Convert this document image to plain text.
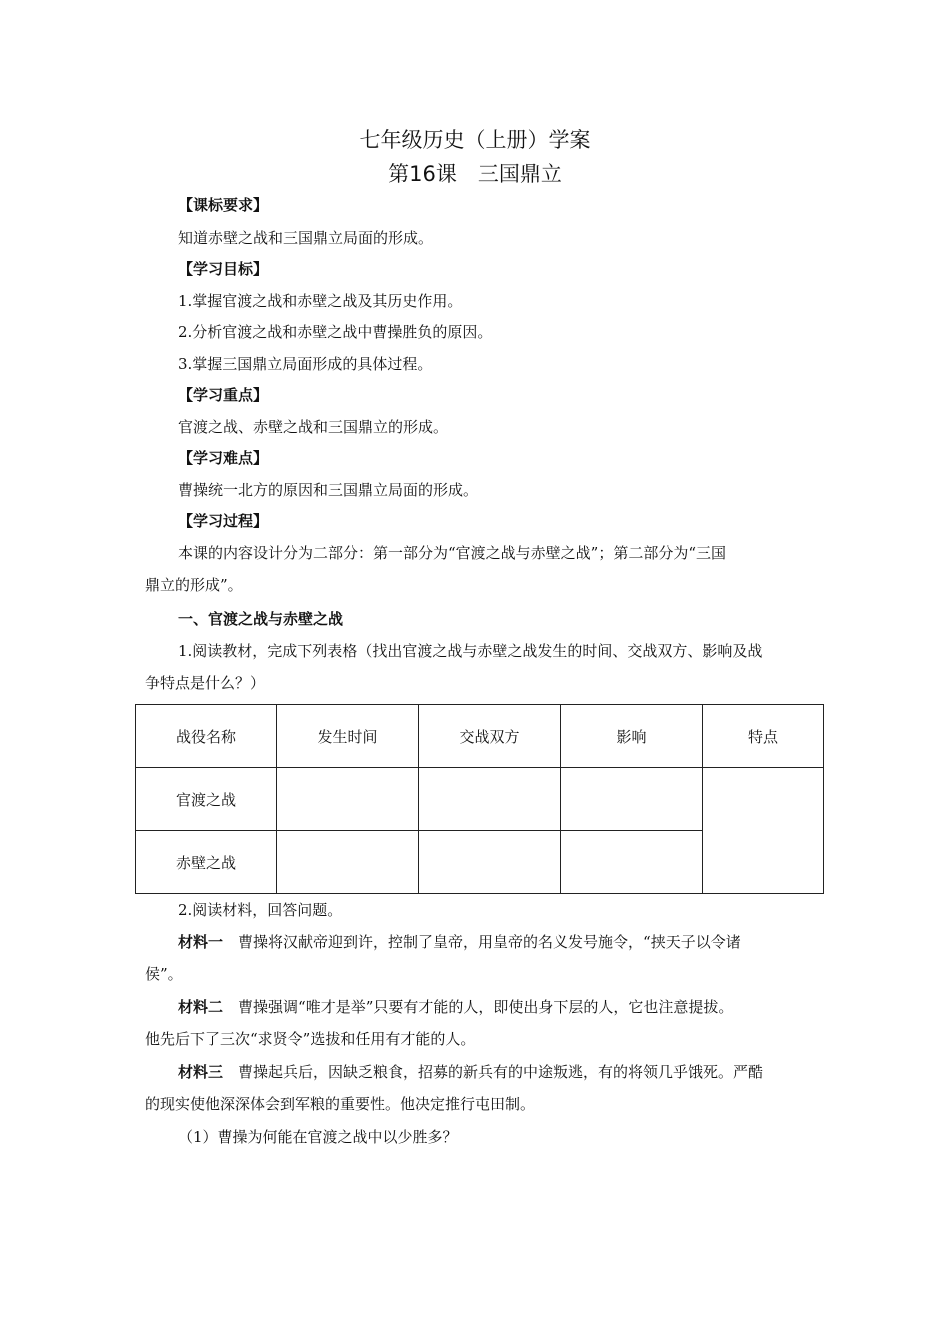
七年级历史（上册）学案
第16课　三国鼎立
【课标要求】
知道赤壁之战和三国鼎立局面的形成。
【学习目标】
1.掌握官渡之战和赤壁之战及其历史作用。
2.分析官渡之战和赤壁之战中曹操胜负的原因。
3.掌握三国鼎立局面形成的具体过程。
【学习重点】
官渡之战、赤壁之战和三国鼎立的形成。
【学习难点】
曹操统一北方的原因和三国鼎立局面的形成。
【学习过程】
本课的内容设计分为二部分：第一部分为“官渡之战与赤壁之战”；第二部分为“三国
鼎立的形成”。
一、官渡之战与赤壁之战
1.阅读教材，完成下列表格（找出官渡之战与赤壁之战发生的时间、交战双方、影响及战
争特点是什么？）
战役名称	发生时间	交战双方	影响	特点
官渡之战				
赤壁之战				
2.阅读材料，回答问题。
材料一　 曹操将汉献帝迎到许，控制了皇帝，用皇帝的名义发号施令，“挟天子以令诸
侯”。
材料二　 曹操强调“唯才是举”只要有才能的人，即使出身下层的人，它也注意提拔。
他先后下了三次“求贤令”选拔和任用有才能的人。
材料三　 曹操起兵后，因缺乏粮食，招募的新兵有的中途叛逃，有的将领几乎饿死。严酷
的现实使他深深体会到军粮的重要性。他决定推行屯田制。
（1）曹操为何能在官渡之战中以少胜多？
